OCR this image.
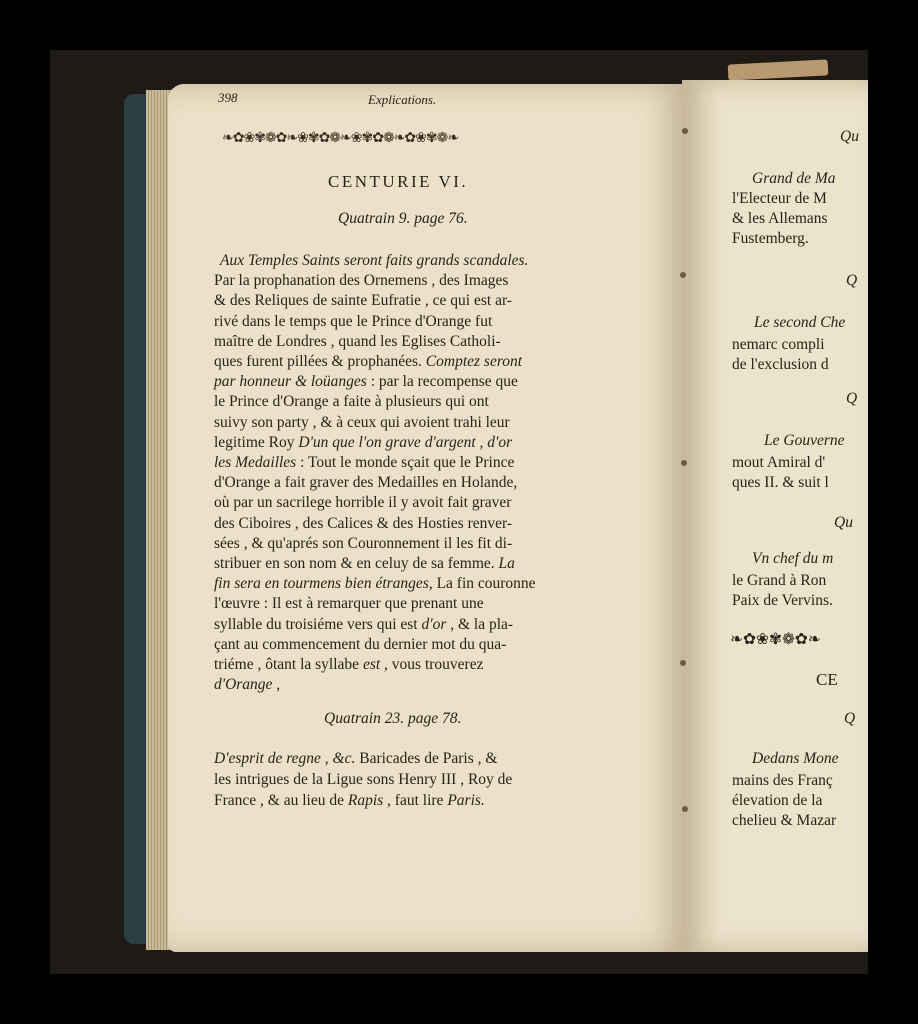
398	Explications.
❧✿❀✾❁✿❧❀✾✿❁❧❀✾✿❁❧✿❀✾❁❧
CENTURIE VI.
Quatrain 9. page 76.
Aux Temples Saints seront faits grands scandales.
Par la prophanation des Ornemens , des Images
& des Reliques de sainte Eufratie , ce qui est ar-
rivé dans le temps que le Prince d'Orange fut
maître de Londres , quand les Eglises Catholi-
ques furent pillées & prophanées. Comptez seront
par honneur & loüanges : par la recompense que
le Prince d'Orange a faite à plusieurs qui ont
suivy son party , & à ceux qui avoient trahi leur
legitime Roy D'un que l'on grave d'argent , d'or
les Medailles : Tout le monde sçait que le Prince
d'Orange a fait graver des Medailles en Holande,
où par un sacrilege horrible il y avoit fait graver
des Ciboires , des Calices & des Hosties renver-
sées , & qu'aprés son Couronnement il les fit di-
stribuer en son nom & en celuy de sa femme. La
fin sera en tourmens bien étranges, La fin couronne
l'œuvre : Il est à remarquer que prenant une
syllable du troisiéme vers qui est d'or , & la pla-
çant au commencement du dernier mot du qua-
triéme , ôtant la syllabe est , vous trouverez
d'Orange ,
Quatrain 23. page 78.
D'esprit de regne , &c. Baricades de Paris , &
les intrigues de la Ligue sons Henry III , Roy de
France , & au lieu de Rapis , faut lire Paris.
Qu
Grand de Ma
l'Electeur de M
& les Allemans
Fustemberg.
Q
Le second Che
nemarc compli
de l'exclusion d
Q
Le Gouverne
mout Amiral d'
ques II. & suit l
Qu
Vn chef du m
le Grand à Ron
Paix de Vervins.
❧✿❀✾❁✿❧
CE
Q
Dedans Mone
mains des Franç
élevation de la
chelieu & Mazar
